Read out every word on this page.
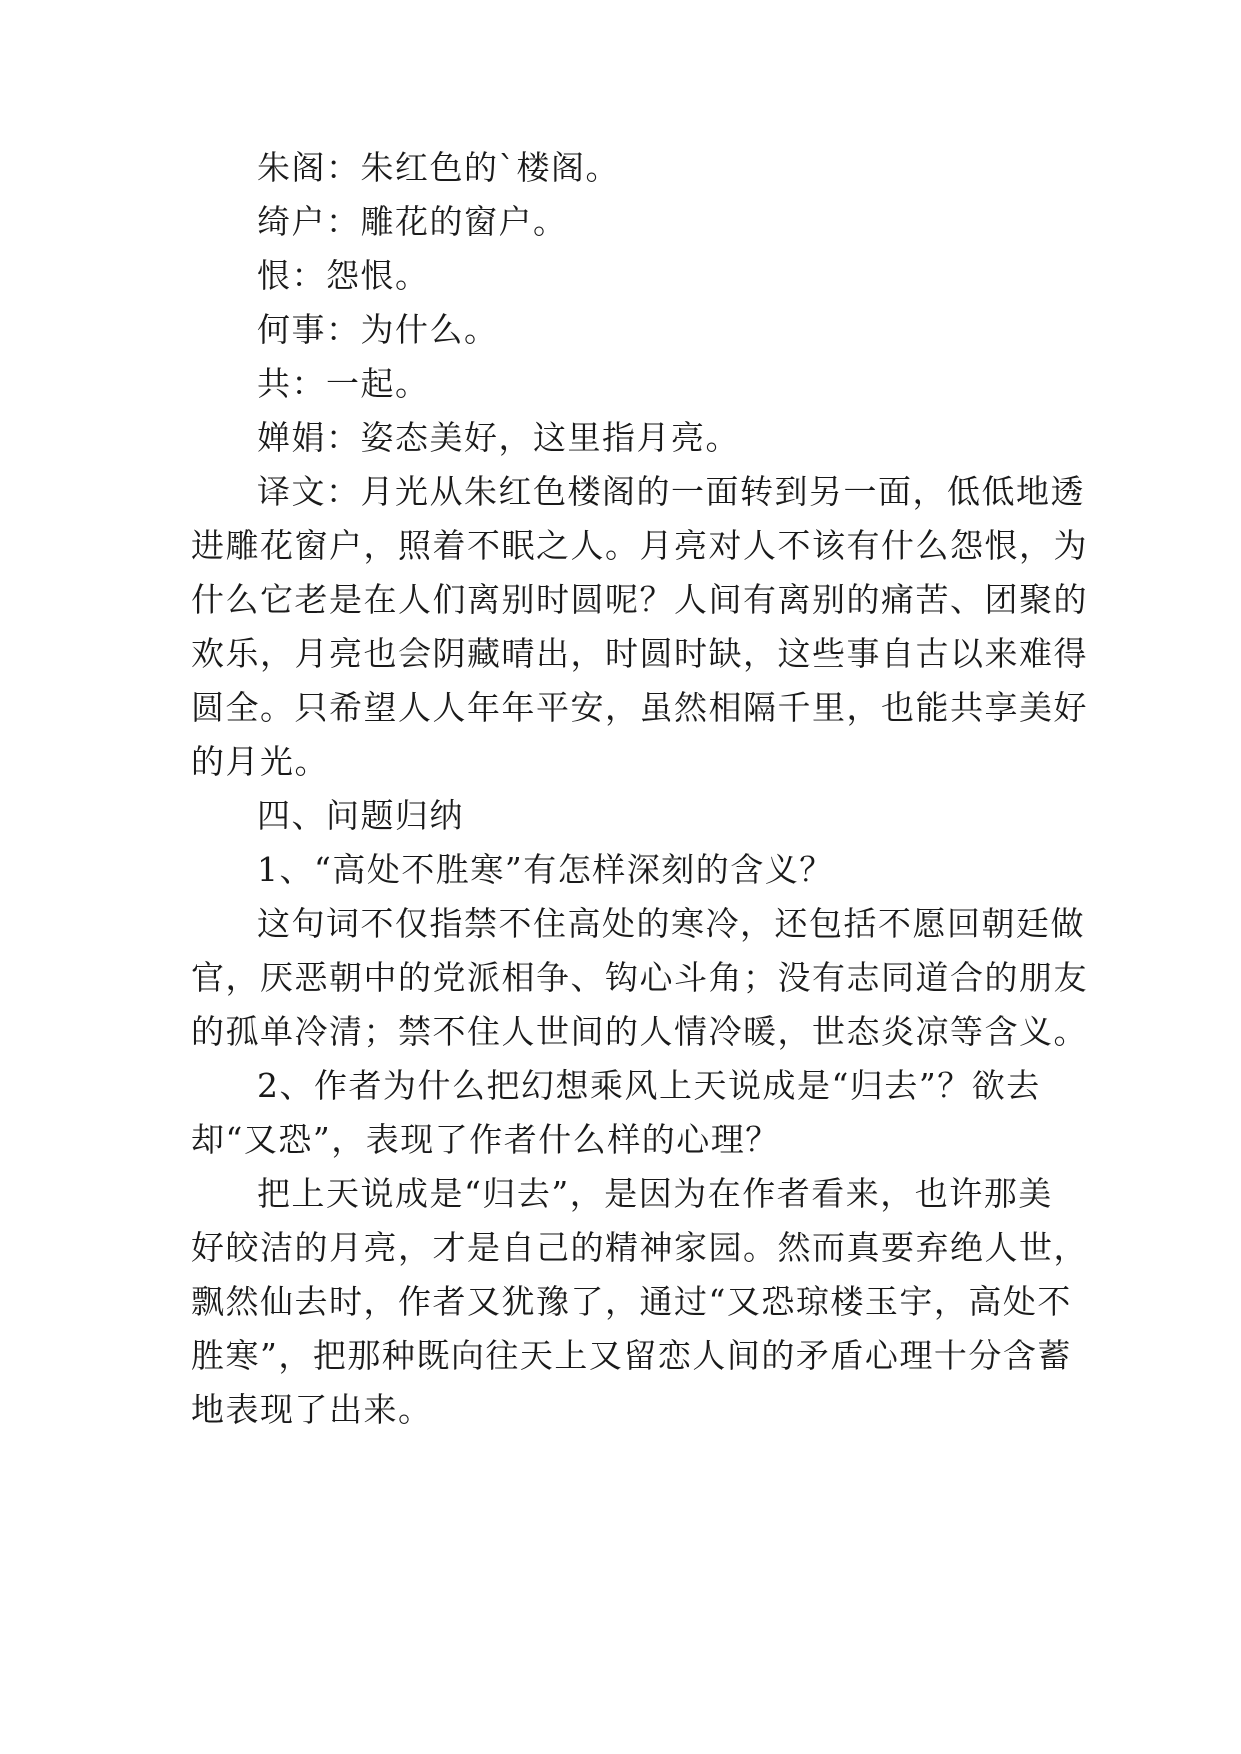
朱阁：朱红色的`楼阁。

绮户：雕花的窗户。

恨：怨恨。

何事：为什么。

共：一起。

婵娟：姿态美好，这里指月亮。

译文：月光从朱红色楼阁的一面转到另一面，低低地透

进雕花窗户，照着不眠之人。月亮对人不该有什么怨恨，为

什么它老是在人们离别时圆呢？人间有离别的痛苦、团聚的

欢乐，月亮也会阴藏晴出，时圆时缺，这些事自古以来难得

圆全。只希望人人年年平安，虽然相隔千里，也能共享美好

的月光。

四、问题归纳

1、“高处不胜寒”有怎样深刻的含义？

这句词不仅指禁不住高处的寒冷，还包括不愿回朝廷做

官，厌恶朝中的党派相争、钩心斗角；没有志同道合的朋友

的孤单冷清；禁不住人世间的人情冷暖，世态炎凉等含义。

2、作者为什么把幻想乘风上天说成是“归去”？欲去

却“又恐”，表现了作者什么样的心理？

把上天说成是“归去”，是因为在作者看来，也许那美

好皎洁的月亮，才是自己的精神家园。然而真要弃绝人世，

飘然仙去时，作者又犹豫了，通过“又恐琼楼玉宇，高处不

胜寒”，把那种既向往天上又留恋人间的矛盾心理十分含蓄

地表现了出来。
